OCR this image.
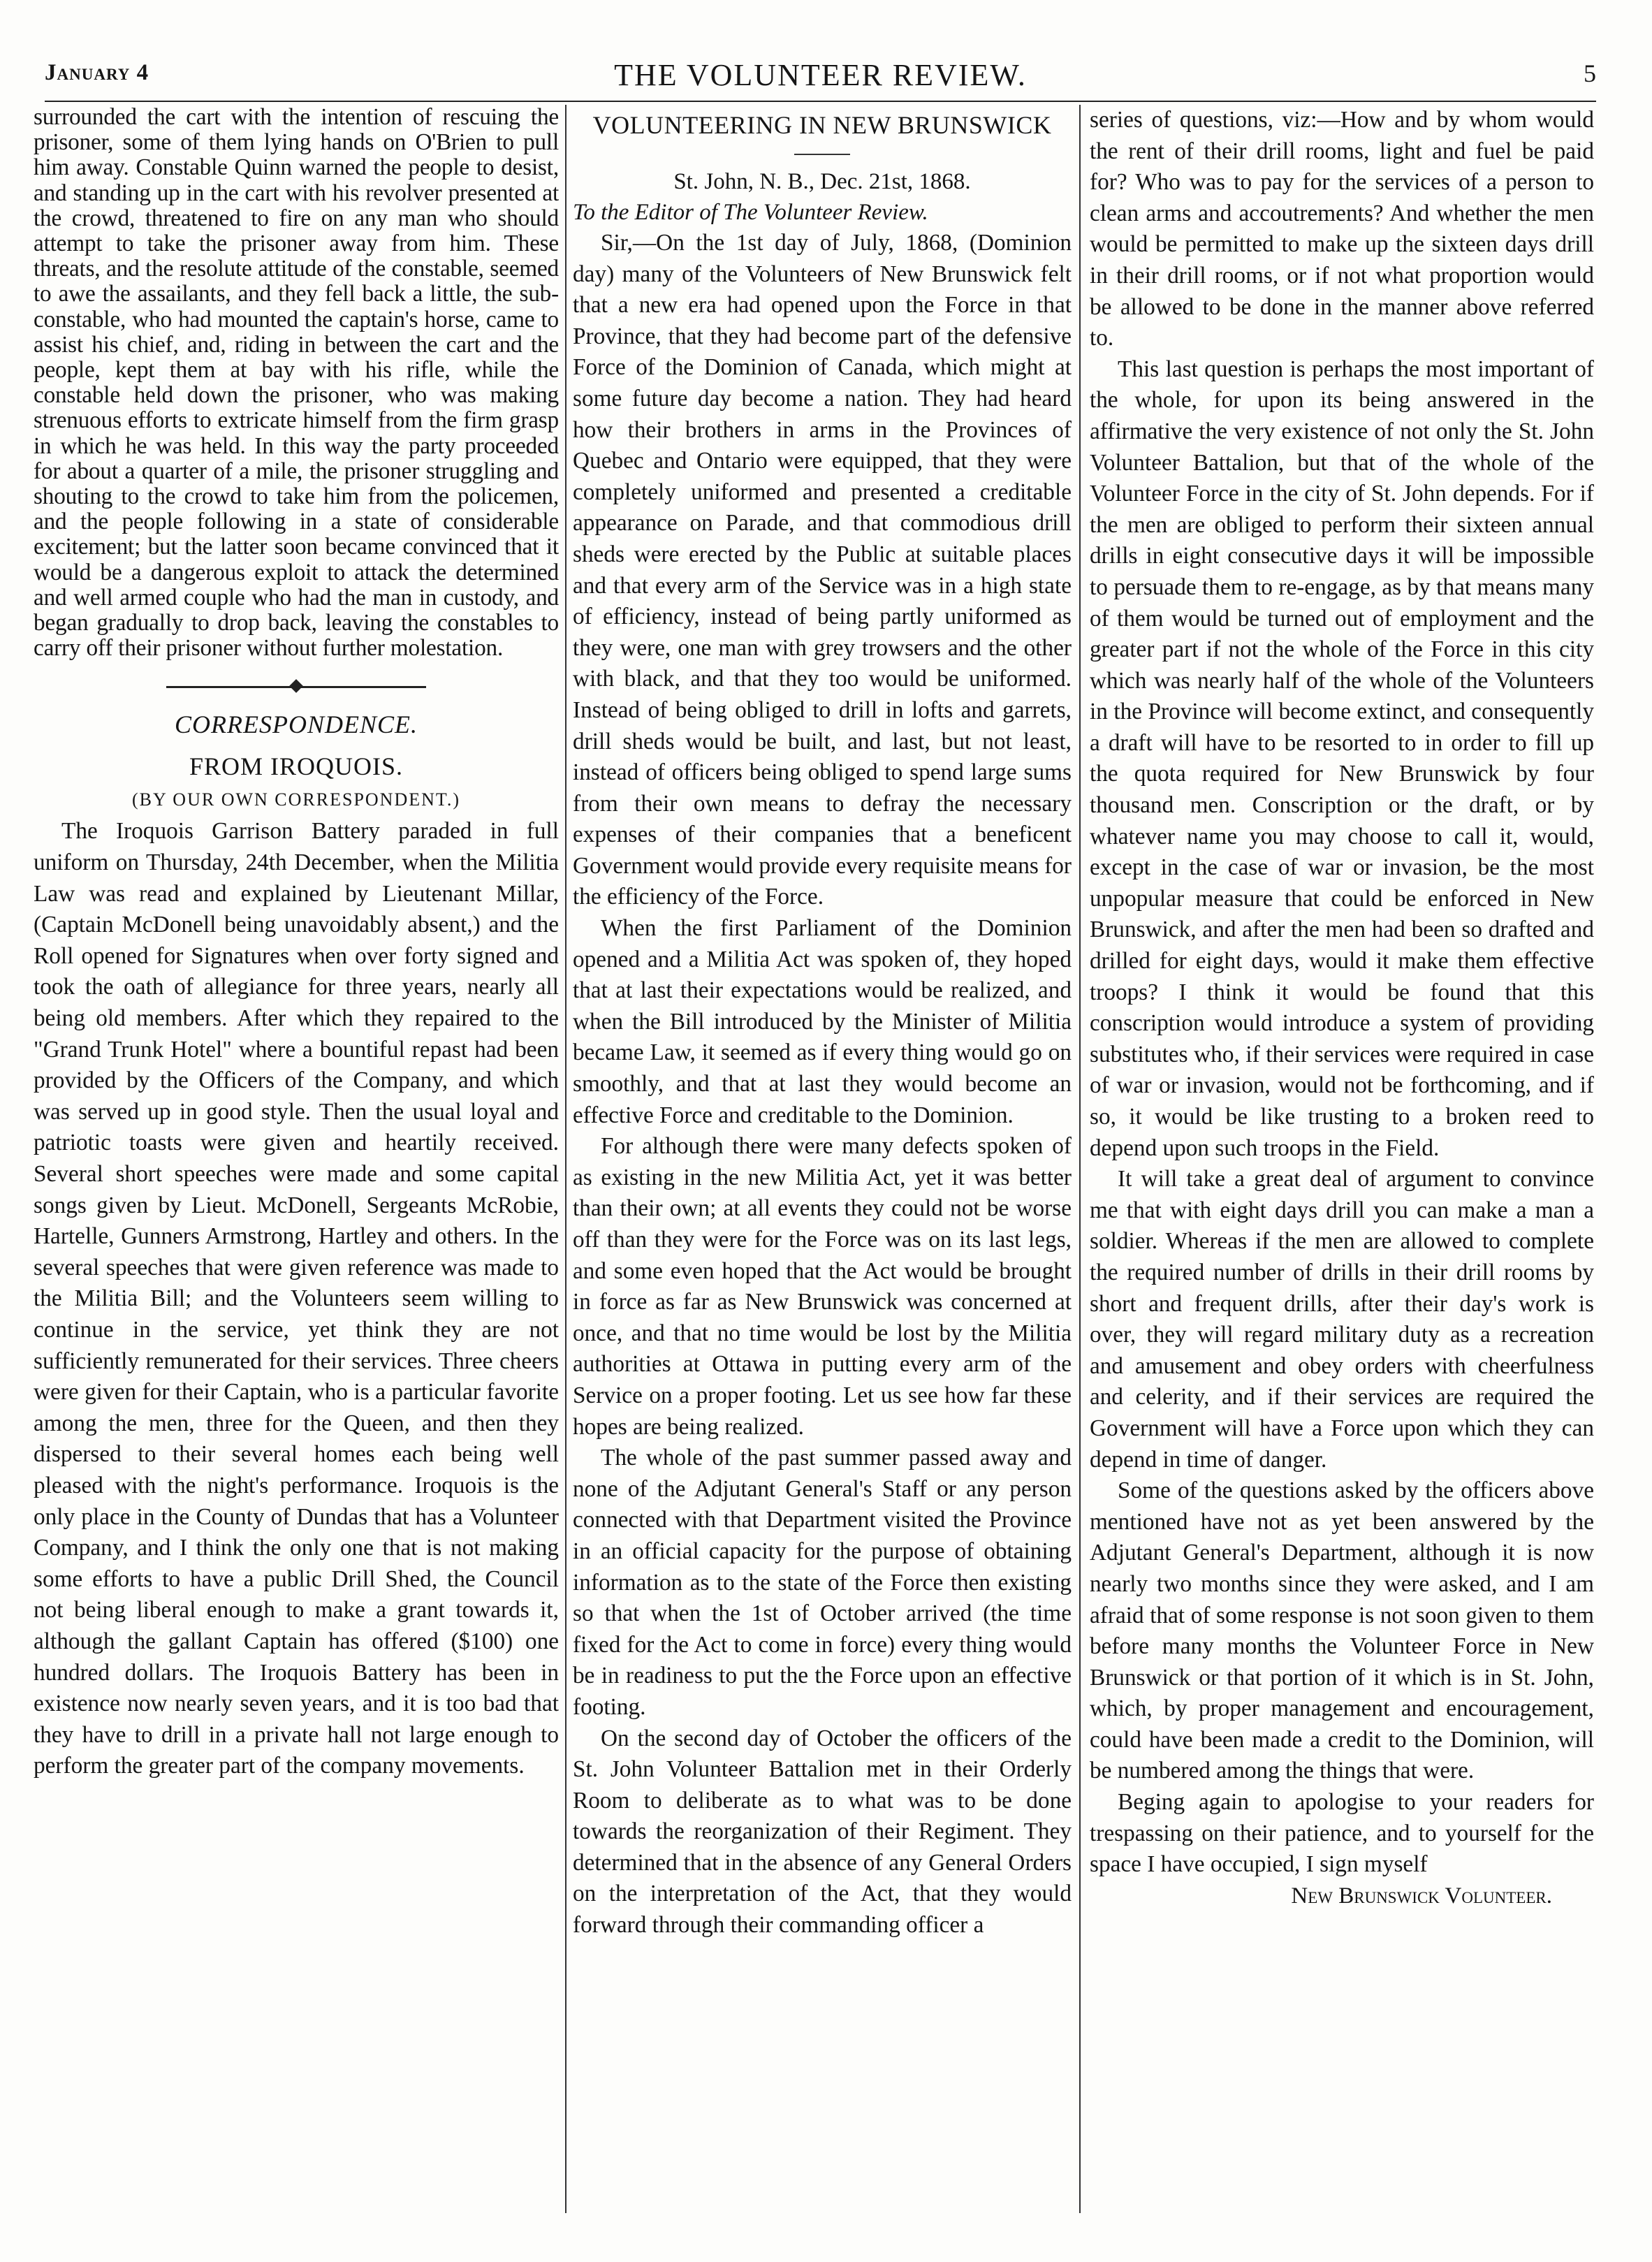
January 4	THE VOLUNTEER REVIEW.	5

surrounded the cart with the intention of rescuing the prisoner, some of them lying hands on O'Brien to pull him away. Constable Quinn warned the people to desist, and standing up in the cart with his revolver presented at the crowd, threatened to fire on any man who should attempt to take the prisoner away from him. These threats, and the resolute attitude of the constable, seemed to awe the assailants, and they fell back a little, the sub-constable, who had mounted the captain's horse, came to assist his chief, and, riding in between the cart and the people, kept them at bay with his rifle, while the constable held down the prisoner, who was making strenuous efforts to extricate himself from the firm grasp in which he was held. In this way the party proceeded for about a quarter of a mile, the prisoner struggling and shouting to the crowd to take him from the policemen, and the people following in a state of considerable excitement; but the latter soon became convinced that it would be a dangerous exploit to attack the determined and well armed couple who had the man in custody, and began gradually to drop back, leaving the constables to carry off their prisoner without further molestation.

CORRESPONDENCE.
FROM IROQUOIS.
(BY OUR OWN CORRESPONDENT.)

The Iroquois Garrison Battery paraded in full uniform on Thursday, 24th December, when the Militia Law was read and explained by Lieutenant Millar, (Captain McDonell being unavoidably absent,) and the Roll opened for Signatures when over forty signed and took the oath of allegiance for three years, nearly all being old members. After which they repaired to the "Grand Trunk Hotel" where a bountiful repast had been provided by the Officers of the Company, and which was served up in good style. Then the usual loyal and patriotic toasts were given and heartily received. Several short speeches were made and some capital songs given by Lieut. McDonell, Sergeants McRobie, Hartelle, Gunners Armstrong, Hartley and others. In the several speeches that were given reference was made to the Militia Bill; and the Volunteers seem willing to continue in the service, yet think they are not sufficiently remunerated for their services. Three cheers were given for their Captain, who is a particular favorite among the men, three for the Queen, and then they dispersed to their several homes each being well pleased with the night's performance. Iroquois is the only place in the County of Dundas that has a Volunteer Company, and I think the only one that is not making some efforts to have a public Drill Shed, the Council not being liberal enough to make a grant towards it, although the gallant Captain has offered ($100) one hundred dollars. The Iroquois Battery has been in existence now nearly seven years, and it is too bad that they have to drill in a private hall not large enough to perform the greater part of the company movements.

VOLUNTEERING IN NEW BRUNSWICK
St. John, N. B., Dec. 21st, 1868.
To the Editor of The Volunteer Review.

Sir,—On the 1st day of July, 1868, (Dominion day) many of the Volunteers of New Brunswick felt that a new era had opened upon the Force in that Province, that they had become part of the defensive Force of the Dominion of Canada, which might at some future day become a nation. They had heard how their brothers in arms in the Provinces of Quebec and Ontario were equipped, that they were completely uniformed and presented a creditable appearance on Parade, and that commodious drill sheds were erected by the Public at suitable places and that every arm of the Service was in a high state of efficiency, instead of being partly uniformed as they were, one man with grey trowsers and the other with black, and that they too would be uniformed. Instead of being obliged to drill in lofts and garrets, drill sheds would be built, and last, but not least, instead of officers being obliged to spend large sums from their own means to defray the necessary expenses of their companies that a beneficent Government would provide every requisite means for the efficiency of the Force.

When the first Parliament of the Dominion opened and a Militia Act was spoken of, they hoped that at last their expectations would be realized, and when the Bill introduced by the Minister of Militia became Law, it seemed as if every thing would go on smoothly, and that at last they would become an effective Force and creditable to the Dominion.

For although there were many defects spoken of as existing in the new Militia Act, yet it was better than their own; at all events they could not be worse off than they were for the Force was on its last legs, and some even hoped that the Act would be brought in force as far as New Brunswick was concerned at once, and that no time would be lost by the Militia authorities at Ottawa in putting every arm of the Service on a proper footing. Let us see how far these hopes are being realized.

The whole of the past summer passed away and none of the Adjutant General's Staff or any person connected with that Department visited the Province in an official capacity for the purpose of obtaining information as to the state of the Force then existing so that when the 1st of October arrived (the time fixed for the Act to come in force) every thing would be in readiness to put the the Force upon an effective footing.

On the second day of October the officers of the St. John Volunteer Battalion met in their Orderly Room to deliberate as to what was to be done towards the reorganization of their Regiment. They determined that in the absence of any General Orders on the interpretation of the Act, that they would forward through their commanding officer a

series of questions, viz:—How and by whom would the rent of their drill rooms, light and fuel be paid for? Who was to pay for the services of a person to clean arms and accoutrements? And whether the men would be permitted to make up the sixteen days drill in their drill rooms, or if not what proportion would be allowed to be done in the manner above referred to.

This last question is perhaps the most important of the whole, for upon its being answered in the affirmative the very existence of not only the St. John Volunteer Battalion, but that of the whole of the Volunteer Force in the city of St. John depends. For if the men are obliged to perform their sixteen annual drills in eight consecutive days it will be impossible to persuade them to re-engage, as by that means many of them would be turned out of employment and the greater part if not the whole of the Force in this city which was nearly half of the whole of the Volunteers in the Province will become extinct, and consequently a draft will have to be resorted to in order to fill up the quota required for New Brunswick by four thousand men. Conscription or the draft, or by whatever name you may choose to call it, would, except in the case of war or invasion, be the most unpopular measure that could be enforced in New Brunswick, and after the men had been so drafted and drilled for eight days, would it make them effective troops? I think it would be found that this conscription would introduce a system of providing substitutes who, if their services were required in case of war or invasion, would not be forthcoming, and if so, it would be like trusting to a broken reed to depend upon such troops in the Field.

It will take a great deal of argument to convince me that with eight days drill you can make a man a soldier. Whereas if the men are allowed to complete the required number of drills in their drill rooms by short and frequent drills, after their day's work is over, they will regard military duty as a recreation and amusement and obey orders with cheerfulness and celerity, and if their services are required the Government will have a Force upon which they can depend in time of danger.

Some of the questions asked by the officers above mentioned have not as yet been answered by the Adjutant General's Department, although it is now nearly two months since they were asked, and I am afraid that of some response is not soon given to them before many months the Volunteer Force in New Brunswick or that portion of it which is in St. John, which, by proper management and encouragement, could have been made a credit to the Dominion, will be numbered among the things that were.

Beging again to apologise to your readers for trespassing on their patience, and to yourself for the space I have occupied, I sign myself

New Brunswick Volunteer.
